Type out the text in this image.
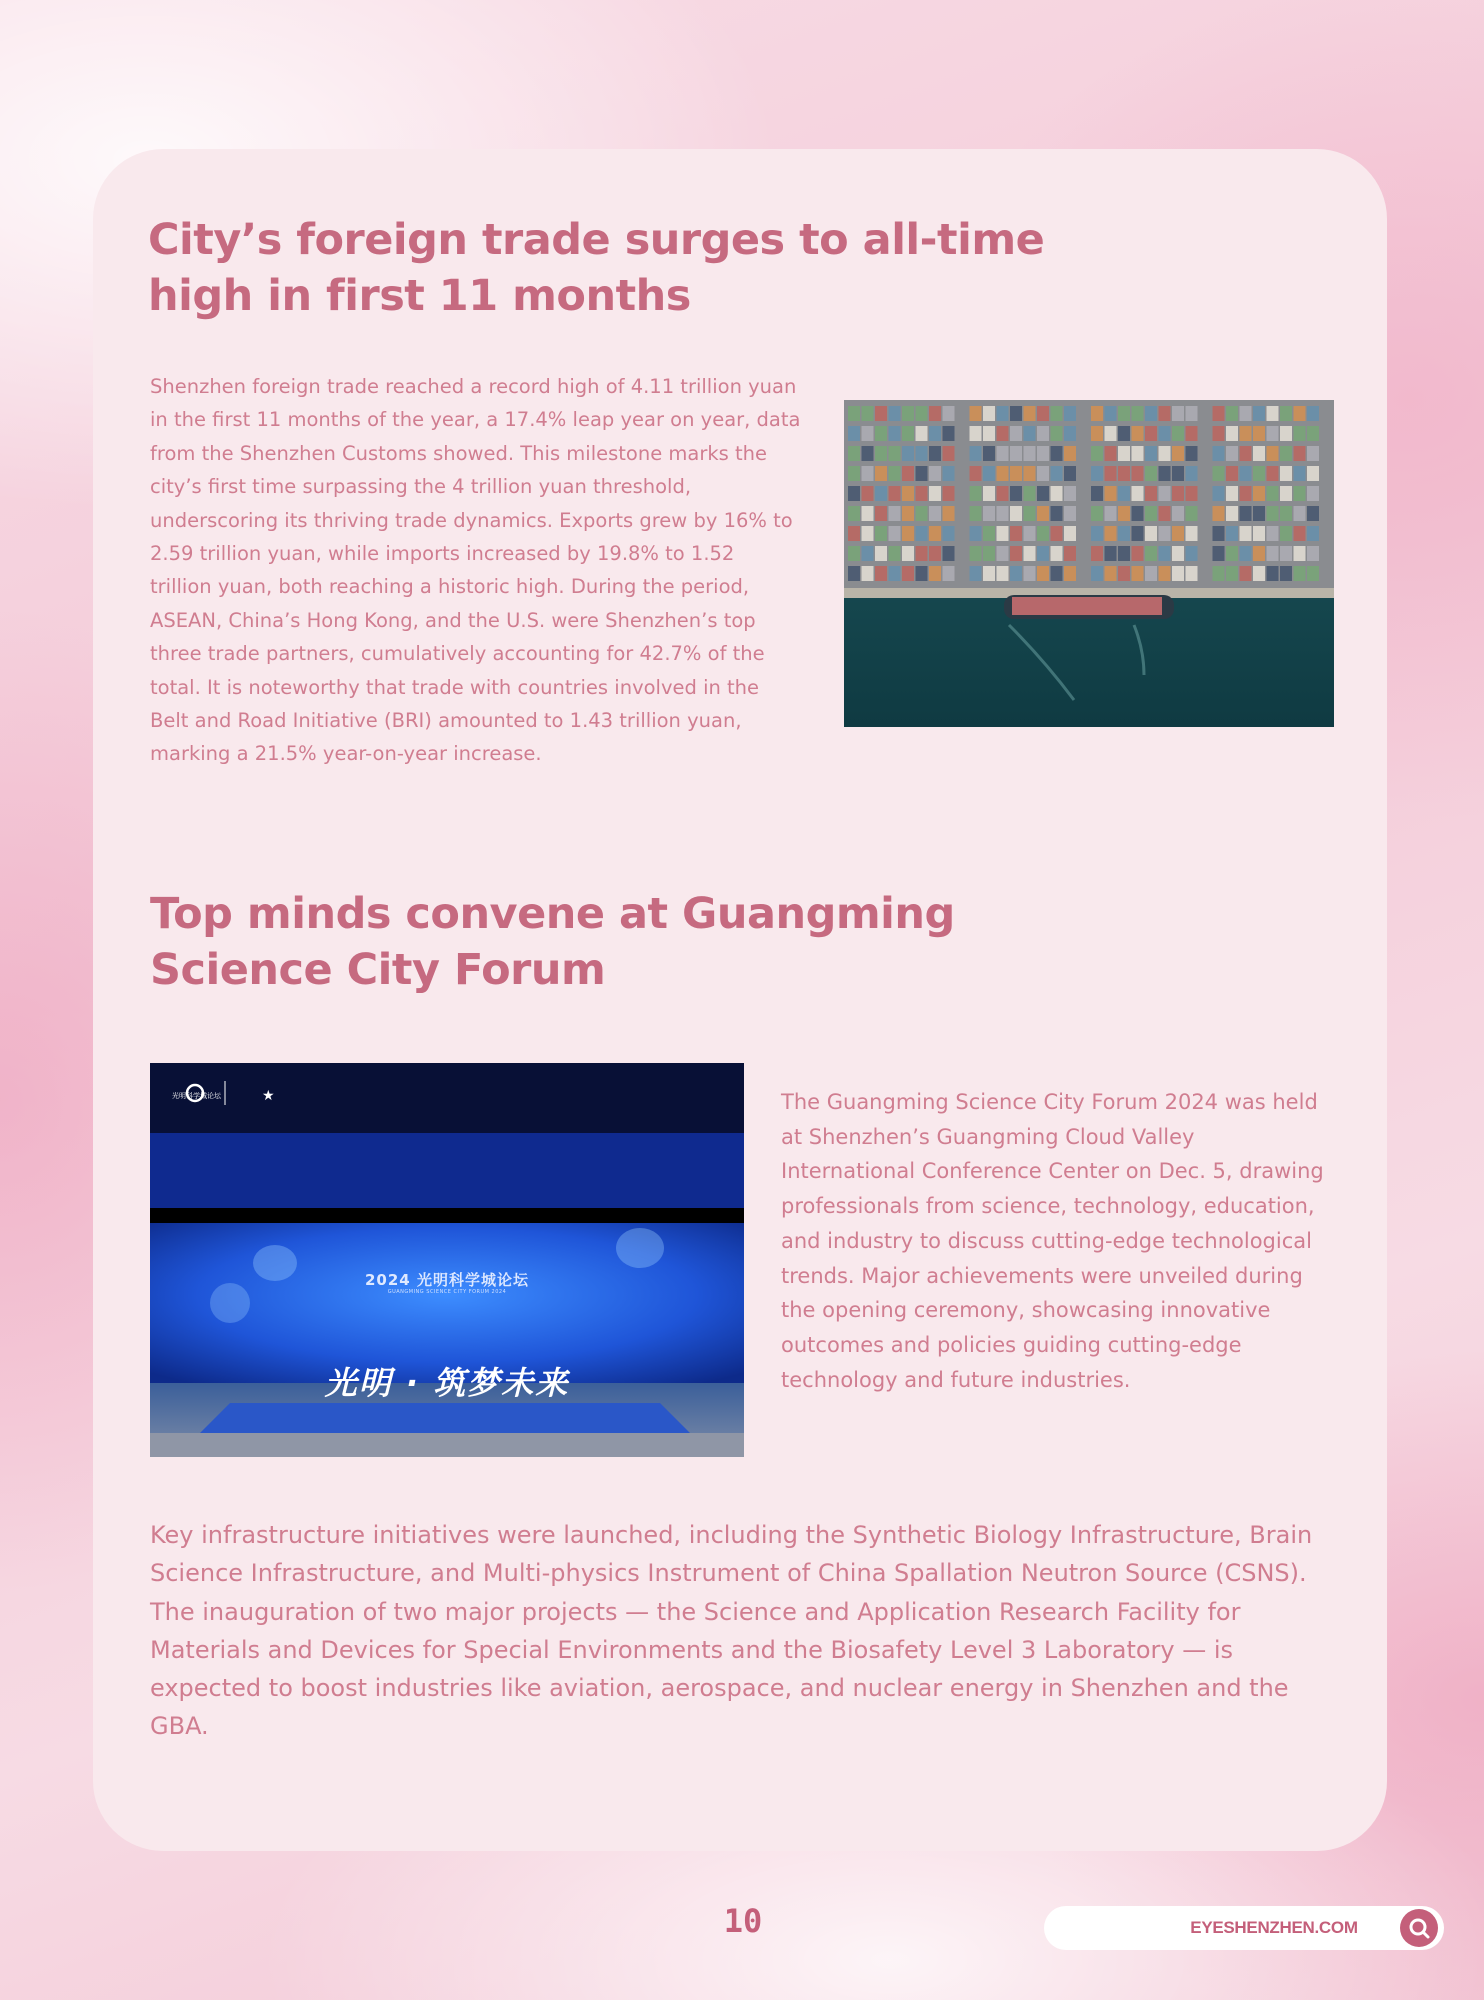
City’s foreign trade surges to all-time high in first 11 months

Shenzhen foreign trade reached a record high of 4.11 trillion yuan in the first 11 months of the year, a 17.4% leap year on year, data from the Shenzhen Customs showed. This milestone marks the city’s first time surpassing the 4 trillion yuan threshold, underscoring its thriving trade dynamics. Exports grew by 16% to 2.59 trillion yuan, while imports increased by 19.8% to 1.52 trillion yuan, both reaching a historic high. During the period, ASEAN, China’s Hong Kong, and the U.S. were Shenzhen’s top three trade partners, cumulatively accounting for 42.7% of the total. It is noteworthy that trade with countries involved in the Belt and Road Initiative (BRI) amounted to 1.43 trillion yuan, marking a 21.5% year-on-year increase.

Top minds convene at Guangming Science City Forum
★
光明科学城论坛
2024 光明科学城论坛
GUANGMING SCIENCE CITY FORUM 2024
光明 · 筑梦未来

The Guangming Science City Forum 2024 was held at Shenzhen’s Guangming Cloud Valley International Conference Center on Dec. 5, drawing professionals from science, technology, education, and industry to discuss cutting-edge technological trends. Major achievements were unveiled during the opening ceremony, showcasing innovative outcomes and policies guiding cutting-edge technology and future industries.

Key infrastructure initiatives were launched, including the Synthetic Biology Infrastructure, Brain Science Infrastructure, and Multi-physics Instrument of China Spallation Neutron Source (CSNS). The inauguration of two major projects — the Science and Application Research Facility for Materials and Devices for Special Environments and the Biosafety Level 3 Laboratory — is expected to boost industries like aviation, aerospace, and nuclear energy in Shenzhen and the GBA.

10	EYESHENZHEN.COM
